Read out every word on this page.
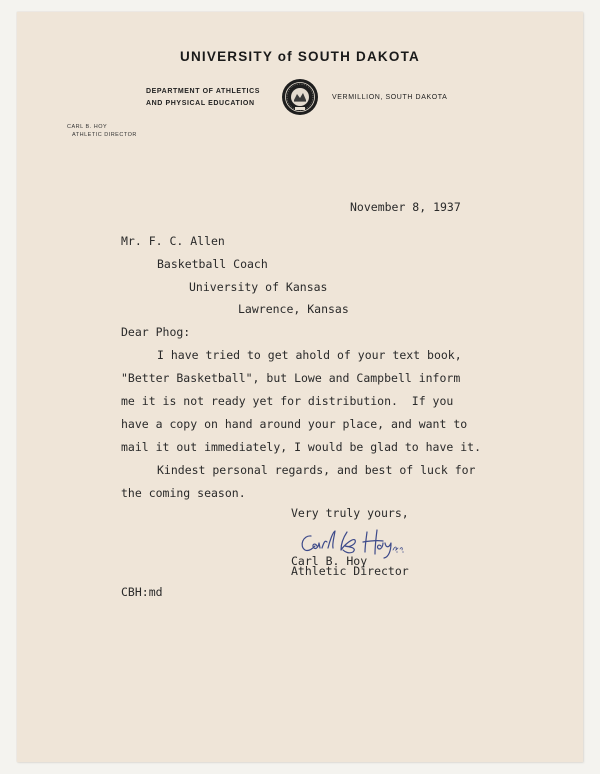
UNIVERSITY of SOUTH DAKOTA
DEPARTMENT OF ATHLETICS
AND PHYSICAL EDUCATION
VERMILLION, SOUTH DAKOTA
CARL B. HOY
ATHLETIC DIRECTOR
November 8, 1937
Mr. F. C. Allen
Basketball Coach
University of Kansas
Lawrence, Kansas
Dear Phog:
I have tried to get ahold of your text book,
"Better Basketball", but Lowe and Campbell inform
me it is not ready yet for distribution.  If you
have a copy on hand around your place, and want to
mail it out immediately, I would be glad to have it.
Kindest personal regards, and best of luck for
the coming season.
Very truly yours,
Carl B. Hoy
Athletic Director
CBH:md
